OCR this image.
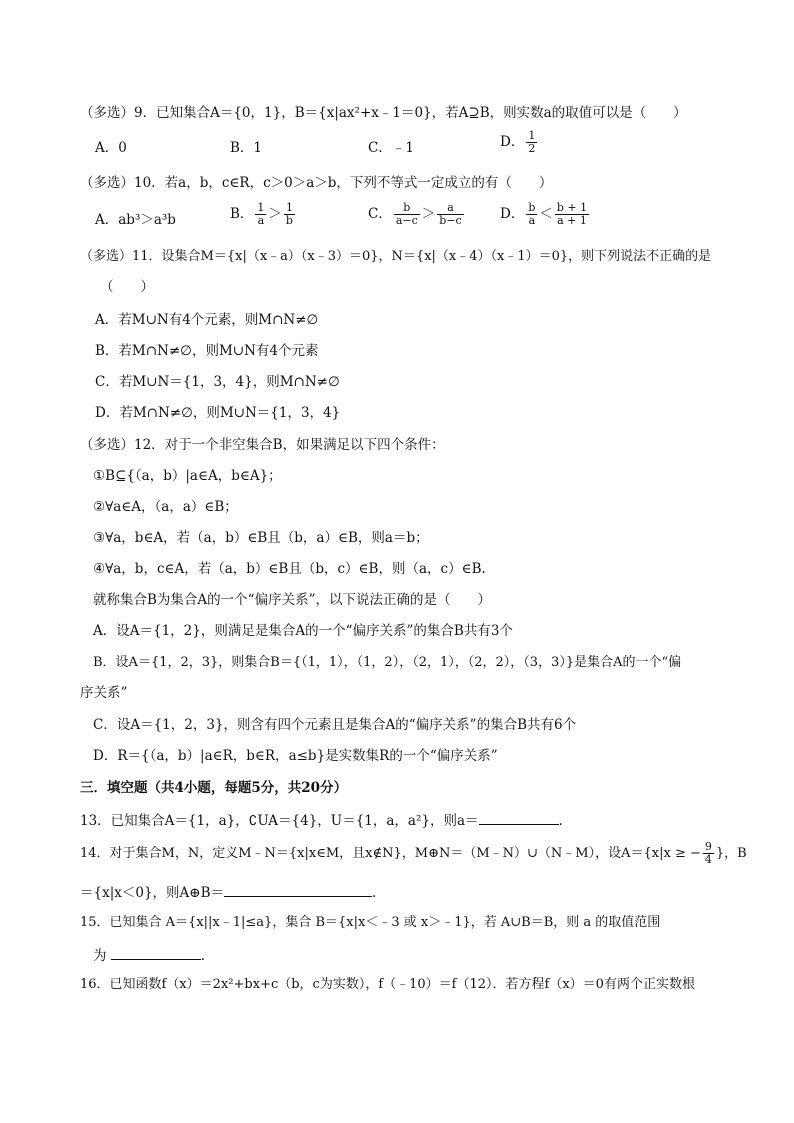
（多选）9．已知集合A＝{0，1}，B＝{x|ax²+x﹣1＝0}，若A⊇B，则实数a的取值可以是（　　）
A．0	B．1	C．﹣1	D． $\frac{1}{2}$
（多选）10．若a，b，c∈R，c＞0＞a＞b，下列不等式一定成立的有（　　）
A．ab³＞a³b	B． $\frac{1}{a} > \frac{1}{b}$	C． $\frac{b}{a-c} > \frac{a}{b-c}$	D． $\frac{b}{a} < \frac{b + 1}{a + 1}$
（多选）11．设集合M＝{x|（x﹣a）（x﹣3）＝0}，N＝{x|（x﹣4）（x﹣1）＝0}，则下列说法不正确的是
（　　）
A．若M∪N有4个元素，则M∩N≠∅
B．若M∩N≠∅，则M∪N有4个元素
C．若M∪N＝{1，3，4}，则M∩N≠∅
D．若M∩N≠∅，则M∪N＝{1，3，4}
（多选）12．对于一个非空集合B，如果满足以下四个条件：
①B⊆{（a，b）|a∈A，b∈A}；
②∀a∈A，（a，a）∈B；
③∀a，b∈A，若（a，b）∈B且（b，a）∈B，则a＝b；
④∀a，b，c∈A，若（a，b）∈B且（b，c）∈B，则（a，c）∈B.
就称集合B为集合A的一个“偏序关系”，以下说法正确的是（　　）
A．设A＝{1，2}，则满足是集合A的一个“偏序关系”的集合B共有3个
B．设A＝{1，2，3}，则集合B＝{（1，1），（1，2），（2，1），（2，2），（3，3）}是集合A的一个“偏
序关系”
C．设A＝{1，2，3}，则含有四个元素且是集合A的“偏序关系”的集合B共有6个
D．R＝{（a，b）|a∈R，b∈R，a≤b}是实数集R的一个“偏序关系”
三．填空题（共4小题，每题5分，共20分）
13．已知集合A＝{1，a}，∁UA＝{4}，U＝{1，a，a²}，则a＝	.
14．对于集合M，N，定义M﹣N＝{x|x∈M，且x∉N}，M⊕N＝（M﹣N）∪（N﹣M），设A＝{x|x ≥ − $\frac{9}{4}$ }，B
＝{x|x＜0}，则A⊕B＝	.
15．已知集合 A＝{x||x﹣1|≤a}，集合 B＝{x|x＜﹣3 或 x＞﹣1}，若 A∪B＝B，则 a 的取值范围
为	.
16．已知函数f（x）＝2x²+bx+c（b，c为实数），f（﹣10）＝f（12）．若方程f（x）＝0有两个正实数根
